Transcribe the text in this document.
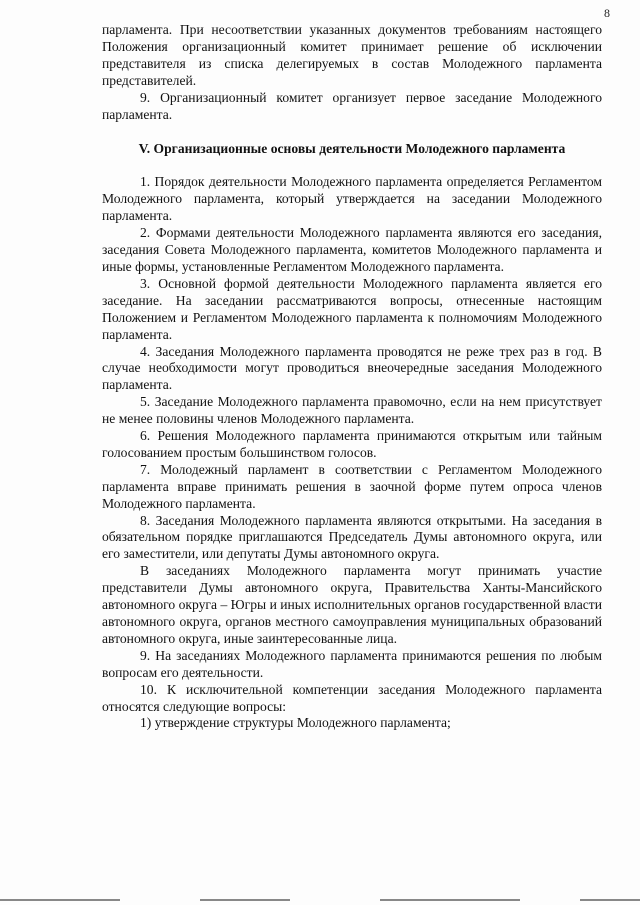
8

парламента. При несоответствии указанных документов требованиям настоящего Положения организационный комитет принимает решение об исключении представителя из списка делегируемых в состав Молодежного парламента представителей.

9. Организационный комитет организует первое заседание Молодежного парламента.

V. Организационные основы деятельности Молодежного парламента

1. Порядок деятельности Молодежного парламента определяется Регламентом Молодежного парламента, который утверждается на заседании Молодежного парламента.

2. Формами деятельности Молодежного парламента являются его заседания, заседания Совета Молодежного парламента, комитетов Молодежного парламента и иные формы, установленные Регламентом Молодежного парламента.

3. Основной формой деятельности Молодежного парламента является его заседание. На заседании рассматриваются вопросы, отнесенные настоящим Положением и Регламентом Молодежного парламента к полномочиям Молодежного парламента.

4. Заседания Молодежного парламента проводятся не реже трех раз в год. В случае необходимости могут проводиться внеочередные заседания Молодежного парламента.

5. Заседание Молодежного парламента правомочно, если на нем присутствует не менее половины членов Молодежного парламента.

6. Решения Молодежного парламента принимаются открытым или тайным голосованием простым большинством голосов.

7. Молодежный парламент в соответствии с Регламентом Молодежного парламента вправе принимать решения в заочной форме путем опроса членов Молодежного парламента.

8. Заседания Молодежного парламента являются открытыми. На заседания в обязательном порядке приглашаются Председатель Думы автономного округа, или его заместители, или депутаты Думы автономного округа.

В заседаниях Молодежного парламента могут принимать участие представители Думы автономного округа, Правительства Ханты-Мансийского автономного округа – Югры и иных исполнительных органов государственной власти автономного округа, органов местного самоуправления муниципальных образований автономного округа, иные заинтересованные лица.

9. На заседаниях Молодежного парламента принимаются решения по любым вопросам его деятельности.

10. К исключительной компетенции заседания Молодежного парламента относятся следующие вопросы:

1) утверждение структуры Молодежного парламента;
